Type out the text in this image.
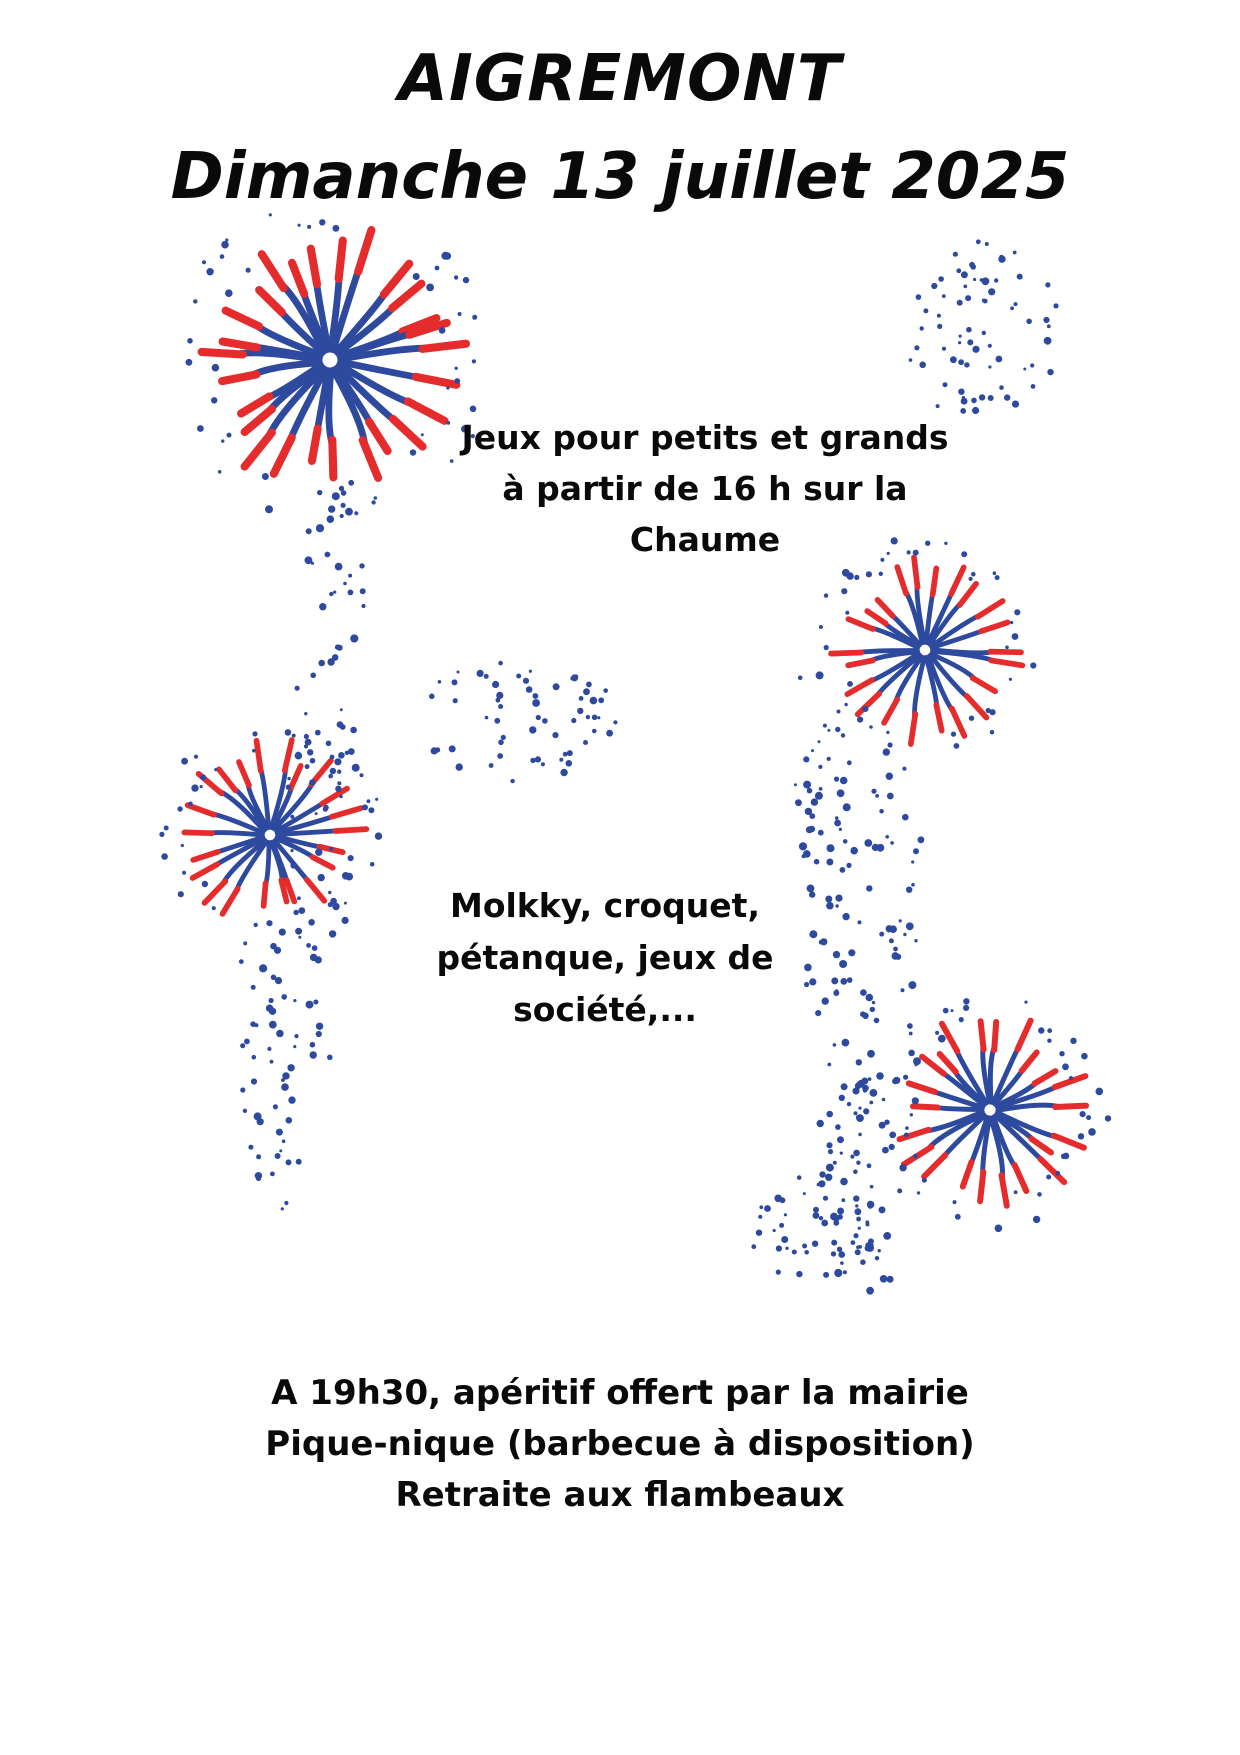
AIGREMONT
Dimanche 13 juillet 2025
Jeux pour petits et grands
à partir de 16 h sur la
Chaume
Molkky, croquet,
pétanque, jeux de
société,...
A 19h30, apéritif offert par la mairie
Pique-nique (barbecue à disposition)
Retraite aux flambeaux
